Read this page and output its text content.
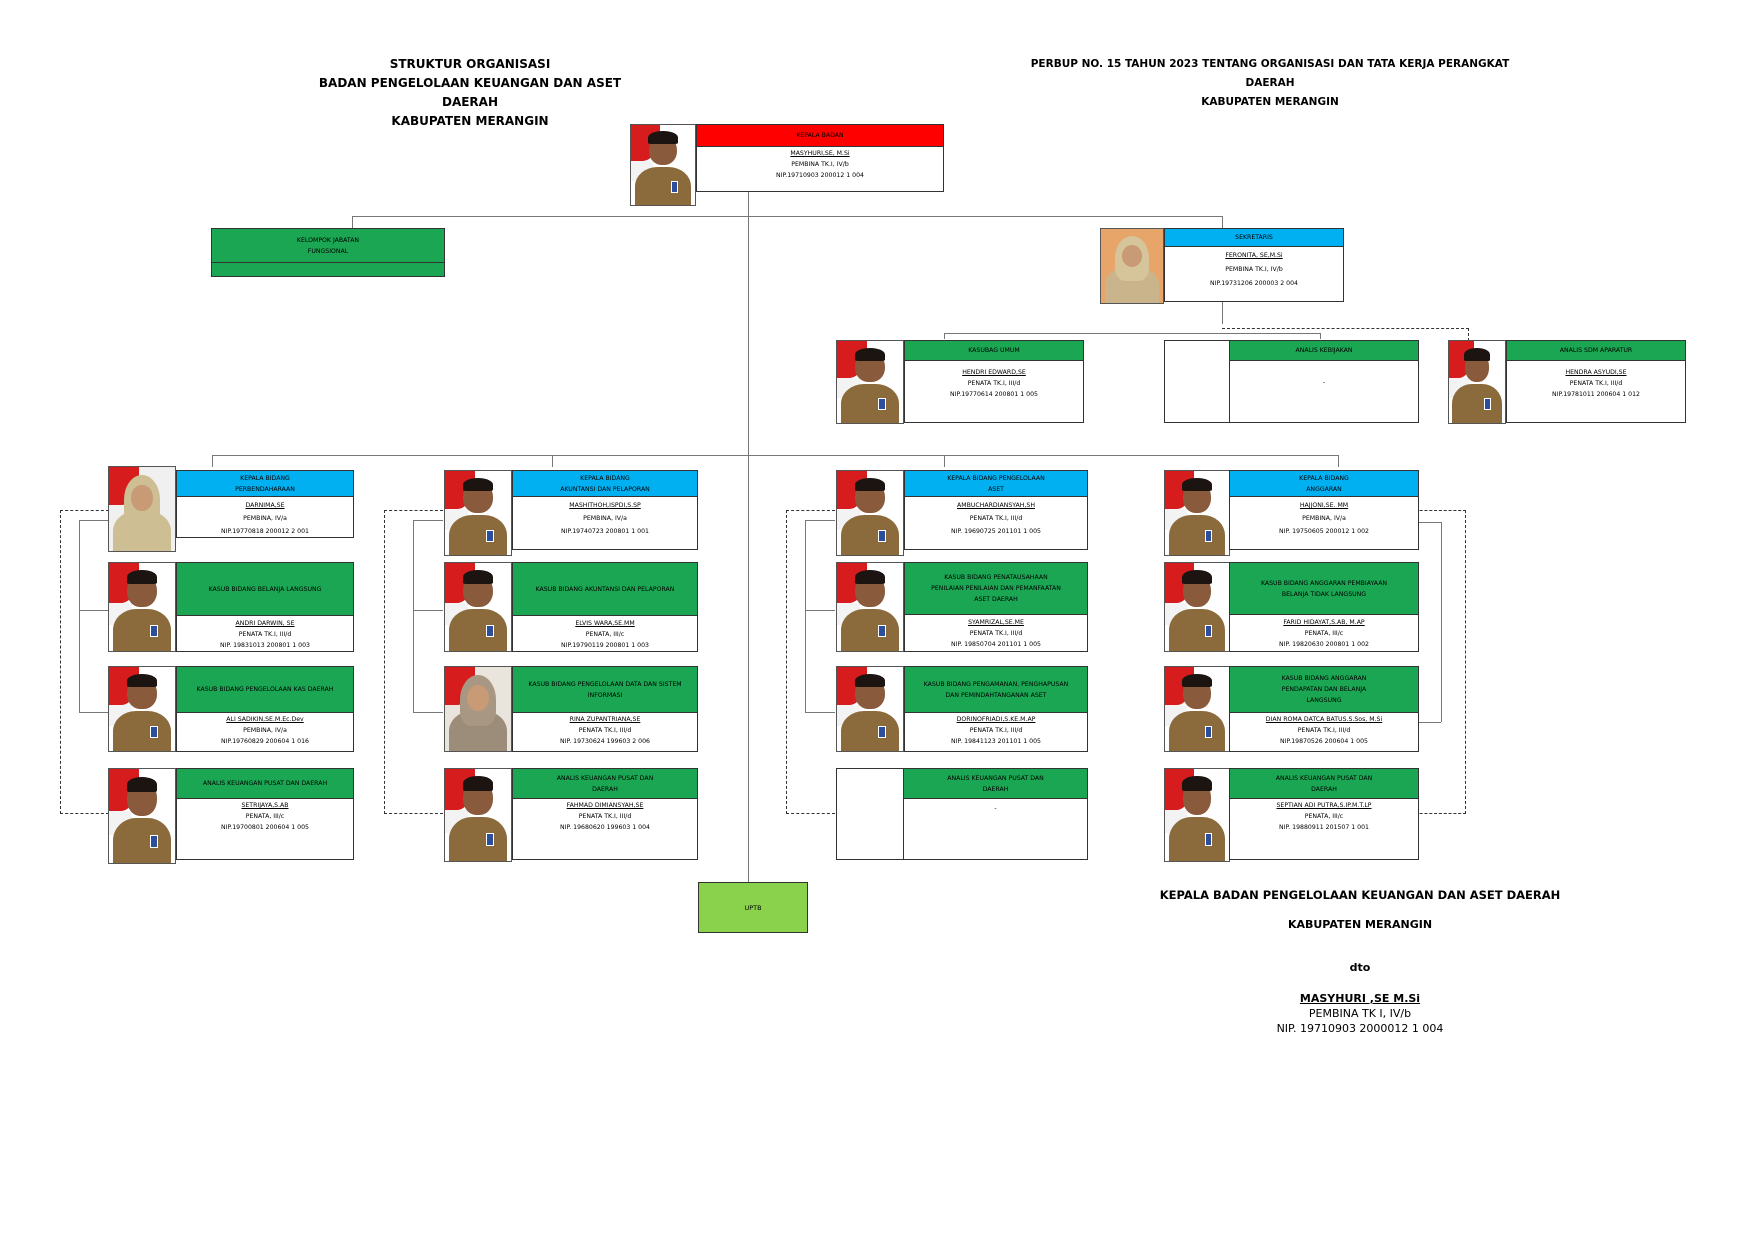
STRUKTUR ORGANISASI
BADAN PENGELOLAAN KEUANGAN DAN ASET DAERAH
KABUPATEN MERANGIN
PERBUP NO. 15 TAHUN 2023 TENTANG ORGANISASI DAN TATA KERJA PERANGKAT DAERAH
KABUPATEN MERANGIN
KEPALA BADAN
MASYHURI,SE, M.Si
PEMBINA TK.I, IV/b
NIP.19710903 200012 1 004
KELOMPOK JABATAN
FUNGSIONAL
SEKRETARIS
FERONITA, SE,M.Si
PEMBINA TK.I, IV/b
NIP.19731206 200003 2 004
KASUBAG UMUM
HENDRI EDWARD,SE
PENATA TK.I, III/d
NIP.19770614 200801 1 005
ANALIS KEBIJAKAN
-
ANALIS SDM APARATUR
HENDRA ASYUDI,SE
PENATA TK.I, III/d
NIP.19781011 200604 1 012
KEPALA BIDANG
PERBENDAHARAAN
DARNIMA,SE
PEMBINA, IV/a
NIP.19770818 200012 2 001
KASUB BIDANG BELANJA LANGSUNG
ANDRI DARWIN, SE
PENATA TK.I, III/d
NIP. 19831013 200801 1 003
KASUB BIDANG PENGELOLAAN KAS DAERAH
ALI SADIKIN,SE.M.Ec.Dev
PEMBINA, IV/a
NIP.19760829 200604 1 016
ANALIS KEUANGAN PUSAT DAN DAERAH
SETRIJAYA,S.AB
PENATA, III/c
NIP.19700801 200604 1 005
KEPALA BIDANG
AKUNTANSI DAN PELAPORAN
MASHITHOH,ISPDI,S.SP
PEMBINA, IV/a
NIP.19740723 200801 1 001
KASUB BIDANG AKUNTANSI DAN PELAPORAN
ELVIS WARA,SE.MM
PENATA, III/c
NIP.19790119 200801 1 003
KASUB BIDANG PENGELOLAAN DATA DAN SISTEM INFORMASI
RINA ZUPANTRIANA,SE
PENATA TK.I, III/d
NIP. 19730624 199603 2 006
ANALIS KEUANGAN PUSAT DAN DAERAH
FAHMAD DIMIANSYAH,SE
PENATA TK.I, III/d
NIP. 19680620 199603 1 004
KEPALA BIDANG PENGELOLAAN
ASET
AMBUCHARDIANSYAH,SH
PENATA TK.I, III/d
NIP. 19690725 201101 1 005
KASUB BIDANG PENATAUSAHAAN PENILAIAN PENILAIAN DAN PEMANFAATAN ASET DAERAH
SYAMRIZAL,SE.ME
PENATA TK.I, III/d
NIP. 19850704 201101 1 005
KASUB BIDANG PENGAMANAN, PENGHAPUSAN DAN PEMINDAHTANGANAN ASET
DORINOFRIADI,S.KE.M.AP
PENATA TK.I, III/d
NIP. 19841123 201101 1 005
ANALIS KEUANGAN PUSAT DAN DAERAH
-
KEPALA BIDANG
ANGGARAN
HAJJONI,SE. MM
PEMBINA, IV/a
NIP. 19750605 200012 1 002
KASUB BIDANG ANGGARAN PEMBIAYAAN BELANJA TIDAK LANGSUNG
FARID HIDAYAT,S.AB, M.AP
PENATA, III/c
NIP. 19820630 200801 1 002
KASUB BIDANG ANGGARAN PENDAPATAN DAN BELANJA LANGSUNG
DIAN ROMA DATCA BATUS.S.Sos, M.Si
PENATA TK.I, III/d
NIP.19870526 200604 1 005
ANALIS KEUANGAN PUSAT DAN DAERAH
SEPTIAN ADI PUTRA,S.IP.M.T.LP
PENATA, III/c
NIP. 19880911 201507 1 001
UPTB
KEPALA BADAN PENGELOLAAN KEUANGAN DAN ASET DAERAH
KABUPATEN MERANGIN
dto
MASYHURI ,SE M.Si
PEMBINA TK I, IV/b
NIP. 19710903 2000012 1 004
